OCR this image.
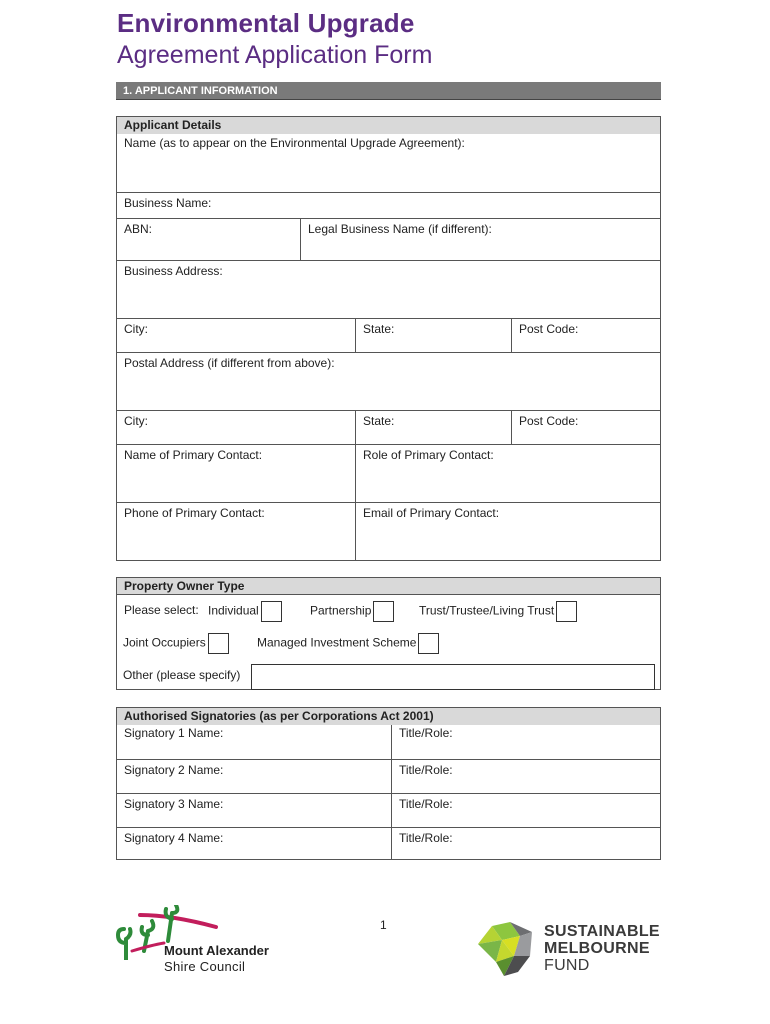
Environmental Upgrade
Agreement Application Form
1. APPLICANT INFORMATION
Applicant Details
Name (as to appear on the Environmental Upgrade Agreement):
Business Name:
ABN:	Legal Business Name (if different):
Business Address:
City:	State:	Post Code:
Postal Address (if different from above):
City:	State:	Post Code:
Name of Primary Contact:	Role of Primary Contact:
Phone of Primary Contact:	Email of Primary Contact:
Property Owner Type
Please select: Individual	Partnership	Trust/Trustee/Living Trust
Joint Occupiers	Managed Investment Scheme
Other (please specify)
Authorised Signatories (as per Corporations Act 2001)
Signatory 1 Name:	Title/Role:
Signatory 2 Name:	Title/Role:
Signatory 3 Name:	Title/Role:
Signatory 4 Name:	Title/Role:
1
Mount Alexander
Shire Council
SUSTAINABLE
MELBOURNE
FUND
